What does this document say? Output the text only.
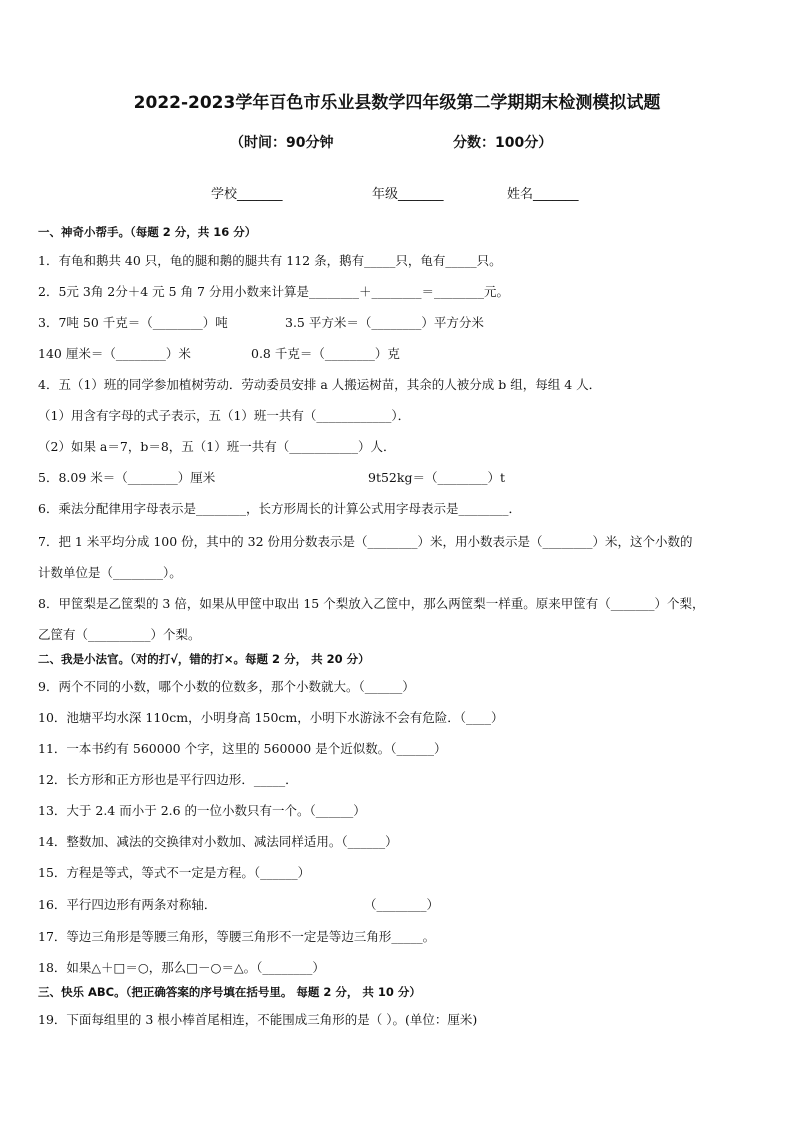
2022-2023学年百色市乐业县数学四年级第二学期期末检测模拟试题
（时间：90分钟	分数：100分）
学校_______	年级_______	姓名_______
一、神奇小帮手。（每题 2 分，共 16 分）
1．有龟和鹅共 40 只，龟的腿和鹅的腿共有 112 条，鹅有_____只，龟有_____只。
2．5元 3角 2分＋4 元 5 角 7 分用小数来计算是________＋________＝________元。
3．7吨 50 千克＝（________）吨	3.5 平方米＝（________）平方分米
140 厘米＝（________）米	0.8 千克＝（________）克
4．五（1）班的同学参加植树劳动．劳动委员安排 a 人搬运树苗，其余的人被分成 b 组，每组 4 人．
（1）用含有字母的式子表示，五（1）班一共有（____________）．
（2）如果 a＝7，b＝8，五（1）班一共有（___________）人．
5．8.09 米＝（________）厘米	9t52kg＝（________）t
6．乘法分配律用字母表示是________，长方形周长的计算公式用字母表示是________．
7．把 1 米平均分成 100 份，其中的 32 份用分数表示是（________）米，用小数表示是（________）米，这个小数的
计数单位是（________）。
8．甲筐梨是乙筐梨的 3 倍，如果从甲筐中取出 15 个梨放入乙筐中，那么两筐梨一样重。原来甲筐有（_______）个梨，
乙筐有（__________）个梨。
二、我是小法官。（对的打√，错的打×。每题 2 分， 共 20 分）
9．两个不同的小数，哪个小数的位数多，那个小数就大。（______）
10．池塘平均水深 110cm，小明身高 150cm，小明下水游泳不会有危险．（____）
11．一本书约有 560000 个字，这里的 560000 是个近似数。（______）
12．长方形和正方形也是平行四边形．_____．
13．大于 2.4 而小于 2.6 的一位小数只有一个。（______）
14．整数加、减法的交换律对小数加、减法同样适用。（______）
15．方程是等式，等式不一定是方程。（______）
16．平行四边形有两条对称轴．	（________）
17．等边三角形是等腰三角形，等腰三角形不一定是等边三角形_____。
18．如果△＋□＝○，那么□－○＝△。（________）
三、快乐 ABC。（把正确答案的序号填在括号里。 每题 2 分， 共 10 分）
19．下面每组里的 3 根小棒首尾相连，不能围成三角形的是（ ）。(单位：厘米)
